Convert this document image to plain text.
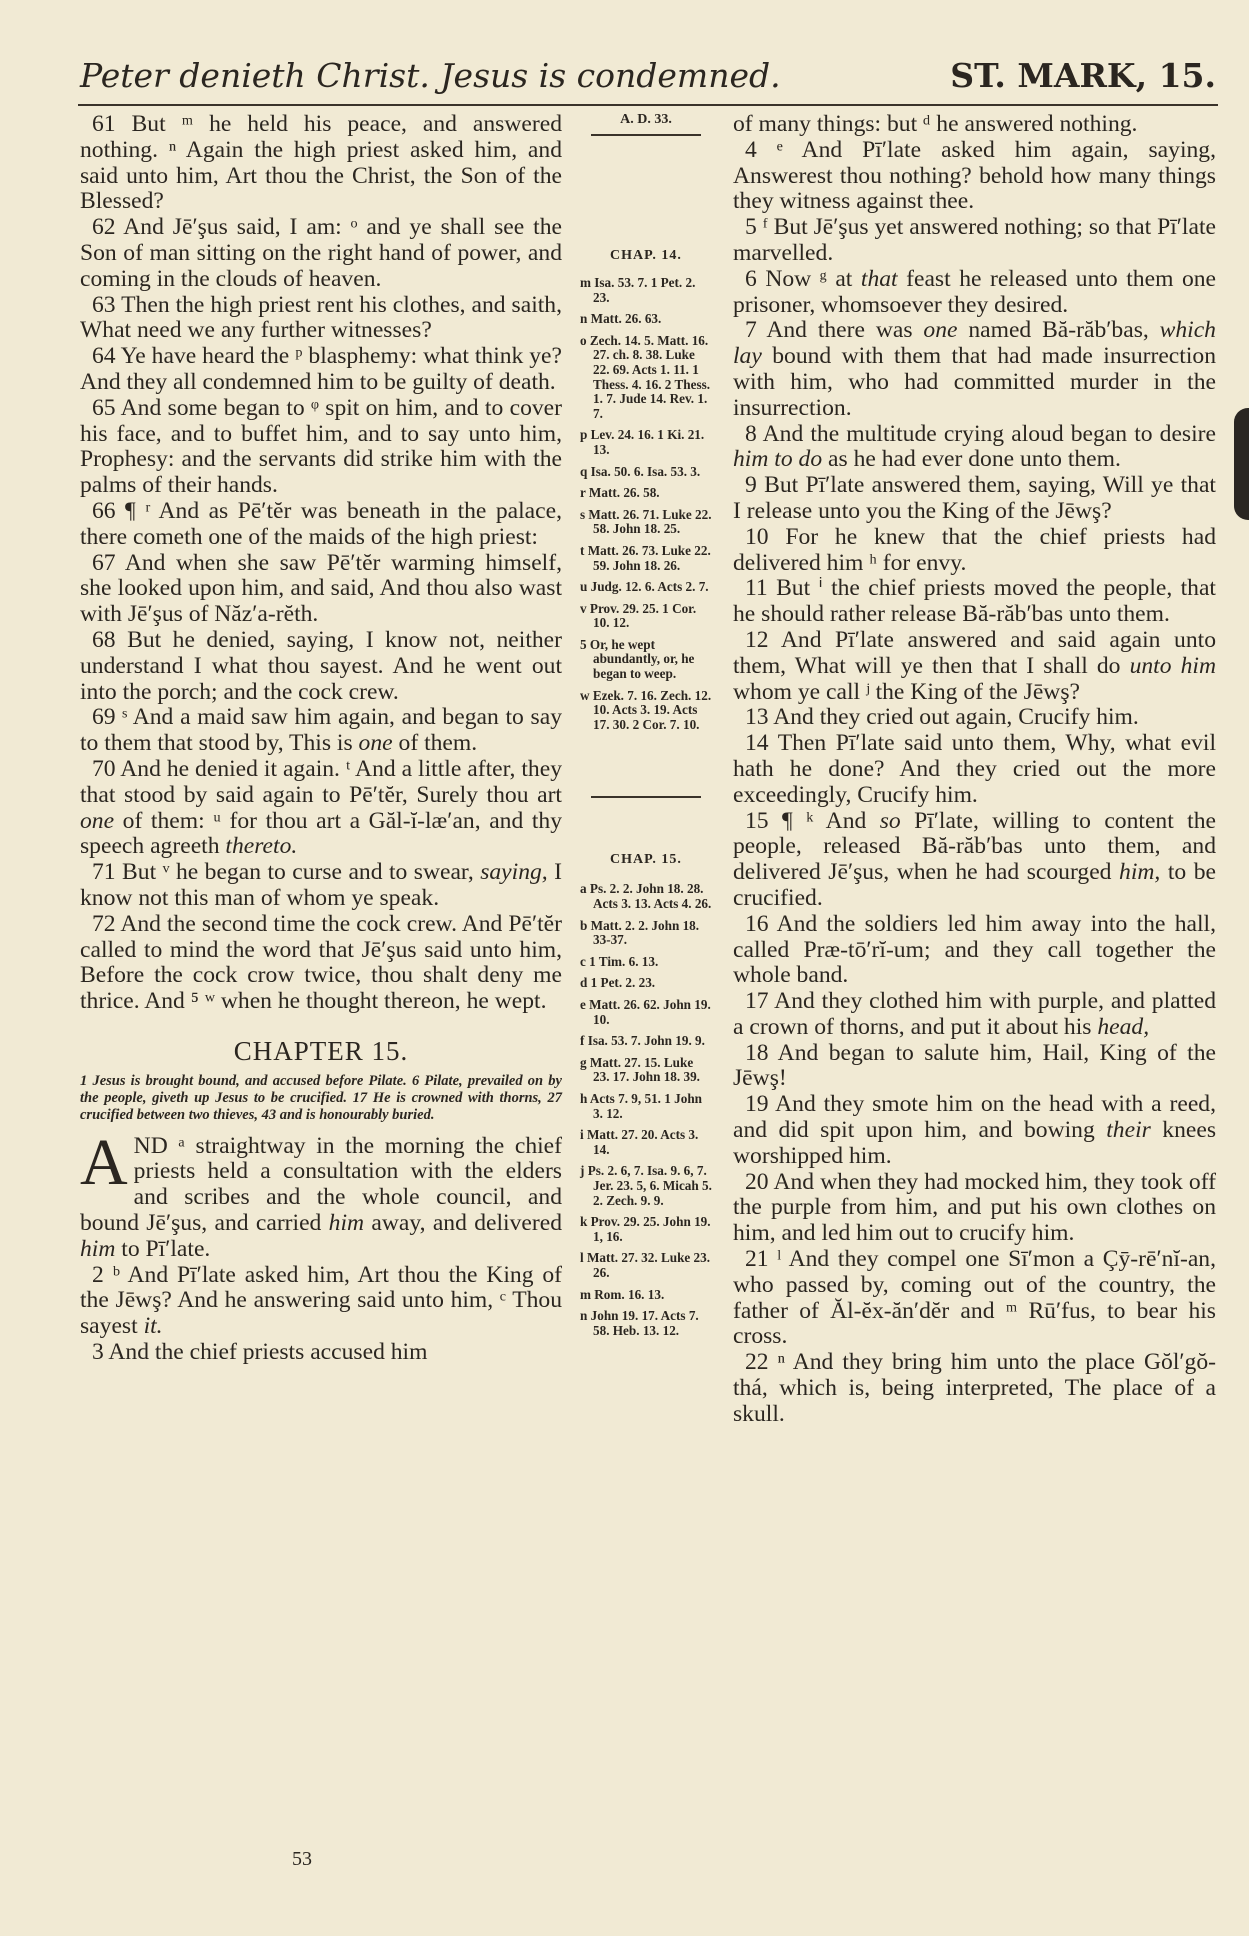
Peter denieth Christ. Jesus is condemned.	ST. MARK, 15.

61 But ᵐ he held his peace, and answered nothing. ⁿ Again the high priest asked him, and said unto him, Art thou the Christ, the Son of the Blessed?

62 And Jē′şus said, I am: ᵒ and ye shall see the Son of man sitting on the right hand of power, and coming in the clouds of heaven.

63 Then the high priest rent his clothes, and saith, What need we any further witnesses?

64 Ye have heard the ᵖ blasphemy: what think ye? And they all condemned him to be guilty of death.

65 And some began to ᵠ spit on him, and to cover his face, and to buffet him, and to say unto him, Prophesy: and the servants did strike him with the palms of their hands.

66 ¶ ʳ And as Pē′tĕr was beneath in the palace, there cometh one of the maids of the high priest:

67 And when she saw Pē′tĕr warming himself, she looked upon him, and said, And thou also wast with Jē′şus of Năz′a-rĕth.

68 But he denied, saying, I know not, neither understand I what thou sayest. And he went out into the porch; and the cock crew.

69 ˢ And a maid saw him again, and began to say to them that stood by, This is one of them.

70 And he denied it again. ᵗ And a little after, they that stood by said again to Pē′tĕr, Surely thou art one of them: ᵘ for thou art a Găl-ĭ-læ′an, and thy speech agreeth thereto.

71 But ᵛ he began to curse and to swear, saying, I know not this man of whom ye speak.

72 And the second time the cock crew. And Pē′tĕr called to mind the word that Jē′şus said unto him, Before the cock crow twice, thou shalt deny me thrice. And ⁵ ʷ when he thought thereon, he wept.

CHAPTER 15.
1 Jesus is brought bound, and accused before Pilate. 6 Pilate, prevailed on by the people, giveth up Jesus to be crucified. 17 He is crowned with thorns, 27 crucified between two thieves, 43 and is honourably buried.

AND ᵃ straightway in the morning the chief priests held a consultation with the elders and scribes and the whole council, and bound Jē′şus, and carried him away, and delivered him to Pī′late.

2 ᵇ And Pī′late asked him, Art thou the King of the Jēwş? And he answering said unto him, ᶜ Thou sayest it.

3 And the chief priests accused him

A. D. 33.
CHAP. 14.
m Isa. 53. 7. 1 Pet. 2. 23.
n Matt. 26. 63.
o Zech. 14. 5. Matt. 16. 27. ch. 8. 38. Luke 22. 69. Acts 1. 11. 1 Thess. 4. 16. 2 Thess. 1. 7. Jude 14. Rev. 1. 7.
p Lev. 24. 16. 1 Ki. 21. 13.
q Isa. 50. 6. Isa. 53. 3.
r Matt. 26. 58.
s Matt. 26. 71. Luke 22. 58. John 18. 25.
t Matt. 26. 73. Luke 22. 59. John 18. 26.
u Judg. 12. 6. Acts 2. 7.
v Prov. 29. 25. 1 Cor. 10. 12.
5 Or, he wept abundantly, or, he began to weep.
w Ezek. 7. 16. Zech. 12. 10. Acts 3. 19. Acts 17. 30. 2 Cor. 7. 10.
CHAP. 15.
a Ps. 2. 2. John 18. 28. Acts 3. 13. Acts 4. 26.
b Matt. 2. 2. John 18. 33-37.
c 1 Tim. 6. 13.
d 1 Pet. 2. 23.
e Matt. 26. 62. John 19. 10.
f Isa. 53. 7. John 19. 9.
g Matt. 27. 15. Luke 23. 17. John 18. 39.
h Acts 7. 9, 51. 1 John 3. 12.
i Matt. 27. 20. Acts 3. 14.
j Ps. 2. 6, 7. Isa. 9. 6, 7. Jer. 23. 5, 6. Micah 5. 2. Zech. 9. 9.
k Prov. 29. 25. John 19. 1, 16.
l Matt. 27. 32. Luke 23. 26.
m Rom. 16. 13.
n John 19. 17. Acts 7. 58. Heb. 13. 12.

of many things: but ᵈ he answered nothing.

4 ᵉ And Pī′late asked him again, saying, Answerest thou nothing? behold how many things they witness against thee.

5 ᶠ But Jē′şus yet answered nothing; so that Pī′late marvelled.

6 Now ᵍ at that feast he released unto them one prisoner, whomsoever they desired.

7 And there was one named Bă-răb′bas, which lay bound with them that had made insurrection with him, who had committed murder in the insurrection.

8 And the multitude crying aloud began to desire him to do as he had ever done unto them.

9 But Pī′late answered them, saying, Will ye that I release unto you the King of the Jēwş?

10 For he knew that the chief priests had delivered him ʰ for envy.

11 But ⁱ the chief priests moved the people, that he should rather release Bă-răb′bas unto them.

12 And Pī′late answered and said again unto them, What will ye then that I shall do unto him whom ye call ʲ the King of the Jēwş?

13 And they cried out again, Crucify him.

14 Then Pī′late said unto them, Why, what evil hath he done? And they cried out the more exceedingly, Crucify him.

15 ¶ ᵏ And so Pī′late, willing to content the people, released Bă-răb′bas unto them, and delivered Jē′şus, when he had scourged him, to be crucified.

16 And the soldiers led him away into the hall, called Præ-tō′rĭ-um; and they call together the whole band.

17 And they clothed him with purple, and platted a crown of thorns, and put it about his head,

18 And began to salute him, Hail, King of the Jēwş!

19 And they smote him on the head with a reed, and did spit upon him, and bowing their knees worshipped him.

20 And when they had mocked him, they took off the purple from him, and put his own clothes on him, and led him out to crucify him.

21 ˡ And they compel one Sī′mon a Çȳ-rē′nĭ-an, who passed by, coming out of the country, the father of Ăl-ĕx-ăn′dĕr and ᵐ Rū′fus, to bear his cross.

22 ⁿ And they bring him unto the place Gŏl′gŏ-thá, which is, being interpreted, The place of a skull.

53
